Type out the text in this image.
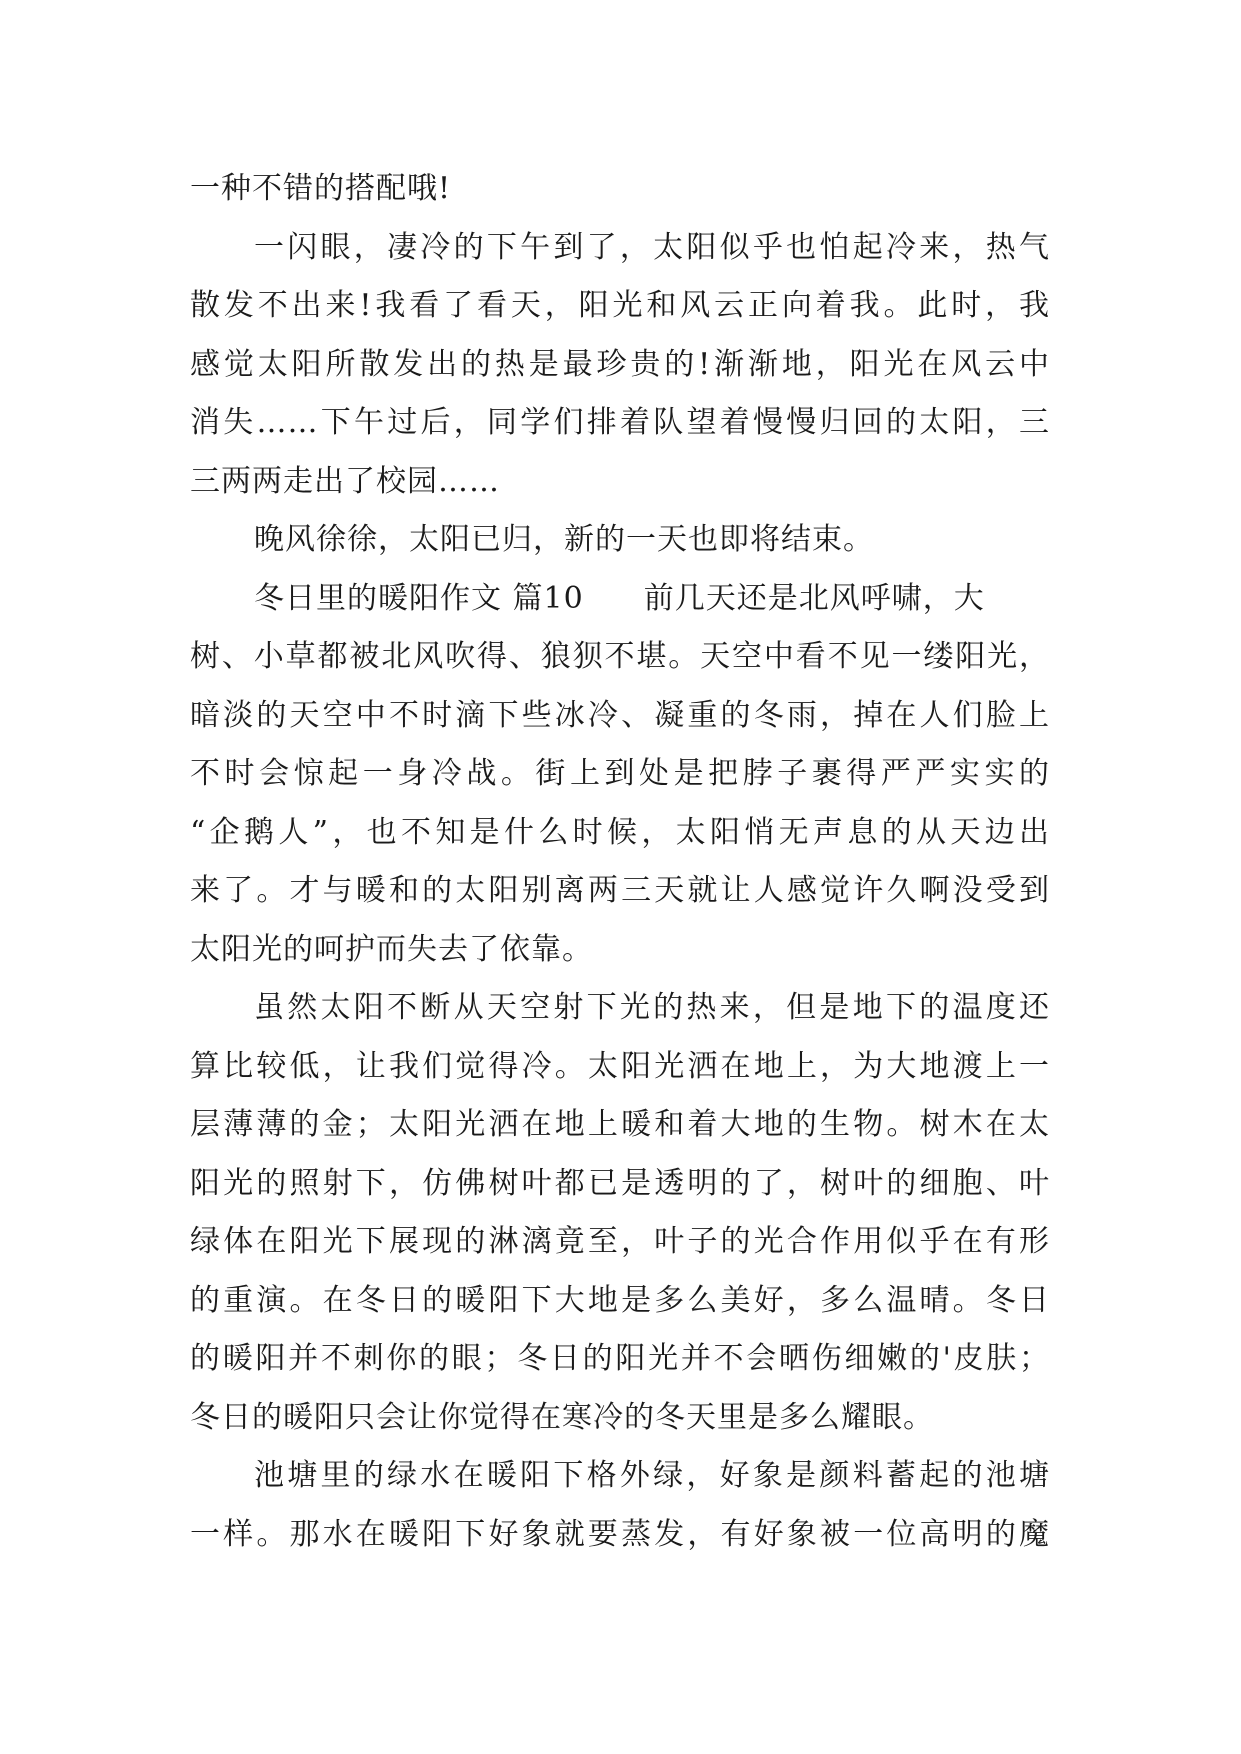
一种不错的搭配哦!
一闪眼，凄冷的下午到了，太阳似乎也怕起冷来，热气
散发不出来!我看了看天，阳光和风云正向着我。此时，我
感觉太阳所散发出的热是最珍贵的!渐渐地，阳光在风云中
消失……下午过后，同学们排着队望着慢慢归回的太阳，三
三两两走出了校园……
晚风徐徐，太阳已归，新的一天也即将结束。
冬日里的暖阳作文 篇10 前几天还是北风呼啸，大
树、小草都被北风吹得、狼狈不堪。天空中看不见一缕阳光，
暗淡的天空中不时滴下些冰冷、凝重的冬雨，掉在人们脸上
不时会惊起一身冷战。街上到处是把脖子裹得严严实实的
“企鹅人”，也不知是什么时候，太阳悄无声息的从天边出
来了。才与暖和的太阳别离两三天就让人感觉许久啊没受到
太阳光的呵护而失去了依靠。
虽然太阳不断从天空射下光的热来，但是地下的温度还
算比较低，让我们觉得冷。太阳光洒在地上，为大地渡上一
层薄薄的金；太阳光洒在地上暖和着大地的生物。树木在太
阳光的照射下，仿佛树叶都已是透明的了，树叶的细胞、叶
绿体在阳光下展现的淋漓竟至，叶子的光合作用似乎在有形
的重演。在冬日的暖阳下大地是多么美好，多么温晴。冬日
的暖阳并不刺你的眼；冬日的阳光并不会晒伤细嫩的'皮肤；
冬日的暖阳只会让你觉得在寒冷的冬天里是多么耀眼。
池塘里的绿水在暖阳下格外绿，好象是颜料蓄起的池塘
一样。那水在暖阳下好象就要蒸发，有好象被一位高明的魔
